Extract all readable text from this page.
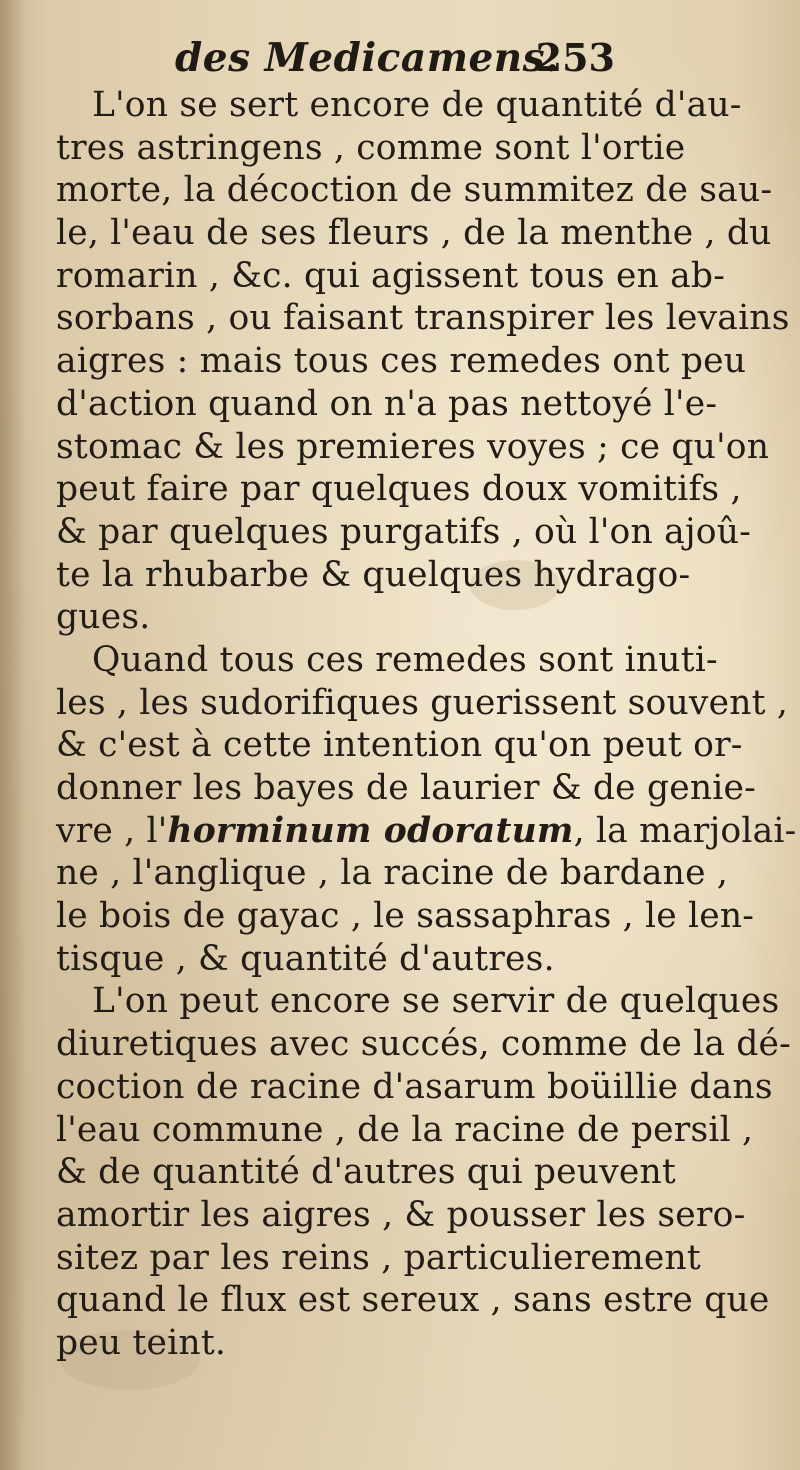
des Medicamens.
253
L'on se sert encore de quantité d'au-
tres astringens , comme sont l'ortie
morte, la décoction de summitez de sau-
le, l'eau de ses fleurs , de la menthe , du
romarin , &c. qui agissent tous en ab-
sorbans , ou faisant transpirer les levains
aigres : mais tous ces remedes ont peu
d'action quand on n'a pas nettoyé l'e-
stomac & les premieres voyes ; ce qu'on
peut faire par quelques doux vomitifs ,
& par quelques purgatifs , où l'on ajoû-
te la rhubarbe & quelques hydrago-
gues.
Quand tous ces remedes sont inuti-
les , les sudorifiques guerissent souvent ,
& c'est à cette intention qu'on peut or-
donner les bayes de laurier & de genie-
vre , l'horminum odoratum, la marjolai-
ne , l'anglique , la racine de bardane ,
le bois de gayac , le sassaphras , le len-
tisque , & quantité d'autres.
L'on peut encore se servir de quelques
diuretiques avec succés, comme de la dé-
coction de racine d'asarum boüillie dans
l'eau commune , de la racine de persil ,
& de quantité d'autres qui peuvent
amortir les aigres , & pousser les sero-
sitez par les reins , particulierement
quand le flux est sereux , sans estre que
peu teint.
